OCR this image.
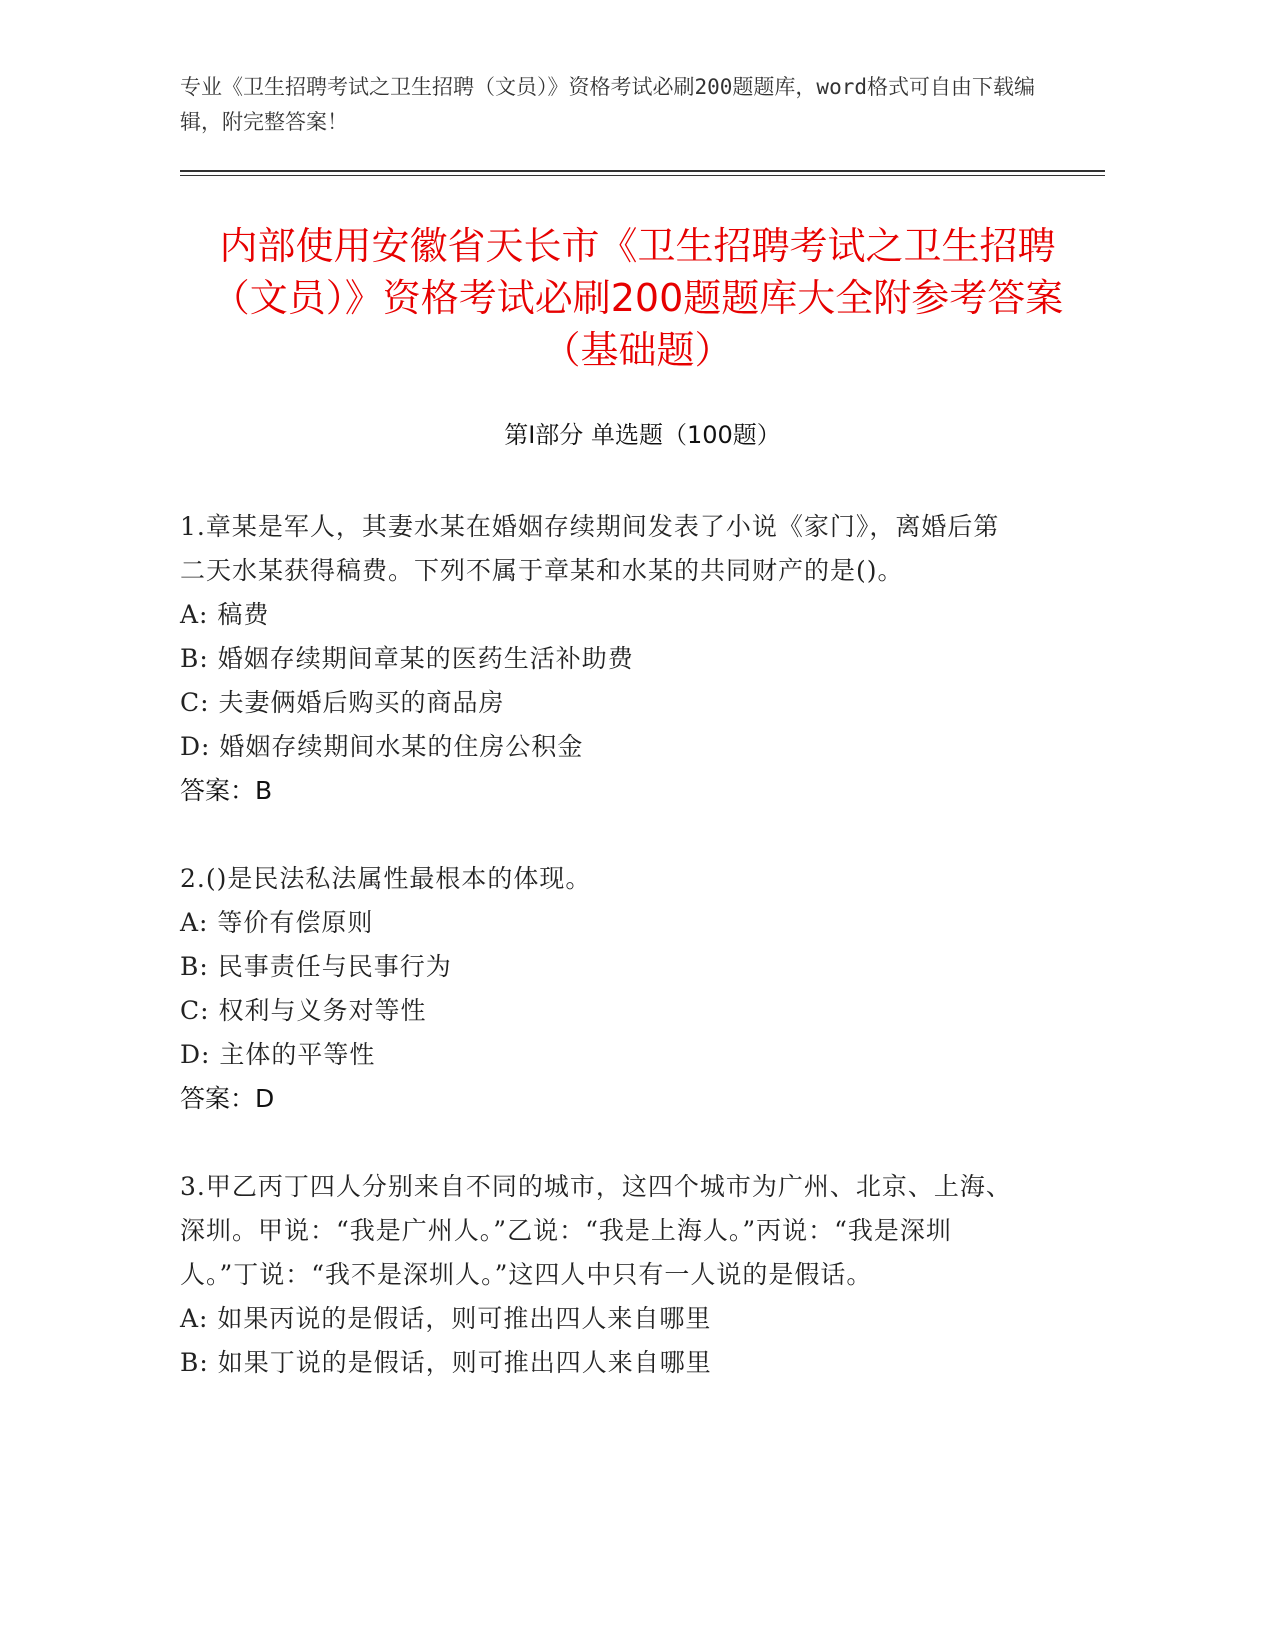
专业《卫生招聘考试之卫生招聘（文员）》资格考试必刷200题题库，word格式可自由下载编辑，附完整答案！
内部使用安徽省天长市《卫生招聘考试之卫生招聘（文员）》资格考试必刷200题题库大全附参考答案（基础题）
第Ⅰ部分 单选题（100题）

1.章某是军人，其妻水某在婚姻存续期间发表了小说《家门》，离婚后第二天水某获得稿费。下列不属于章某和水某的共同财产的是()。

A: 稿费

B: 婚姻存续期间章某的医药生活补助费

C: 夫妻俩婚后购买的商品房

D: 婚姻存续期间水某的住房公积金

答案：B

2.()是民法私法属性最根本的体现。

A: 等价有偿原则

B: 民事责任与民事行为

C: 权利与义务对等性

D: 主体的平等性

答案：D

3.甲乙丙丁四人分别来自不同的城市，这四个城市为广州、北京、上海、深圳。甲说：“我是广州人。”乙说：“我是上海人。”丙说：“我是深圳人。”丁说：“我不是深圳人。”这四人中只有一人说的是假话。

A: 如果丙说的是假话，则可推出四人来自哪里

B: 如果丁说的是假话，则可推出四人来自哪里
